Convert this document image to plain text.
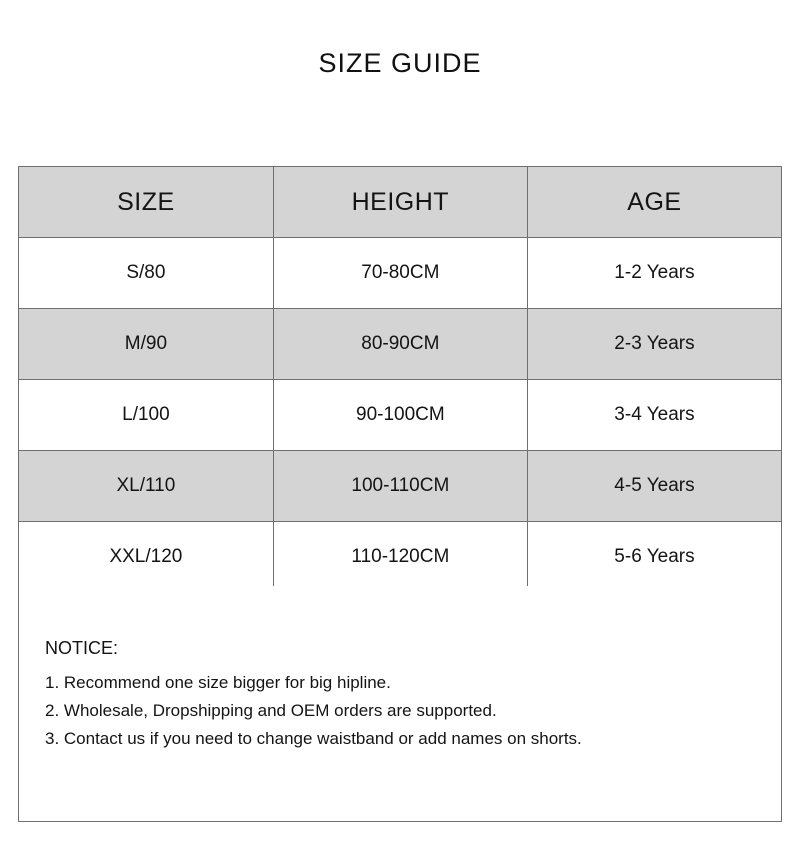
SIZE GUIDE
SIZE	HEIGHT	AGE
S/80	70-80CM	1-2 Years
M/90	80-90CM	2-3 Years
L/100	90-100CM	3-4 Years
XL/110	100-110CM	4-5 Years
XXL/120	110-120CM	5-6 Years
NOTICE:
1. Recommend one size bigger for big hipline.
2. Wholesale, Dropshipping and OEM orders are supported.
3. Contact us if you need to change waistband or add names on shorts.
